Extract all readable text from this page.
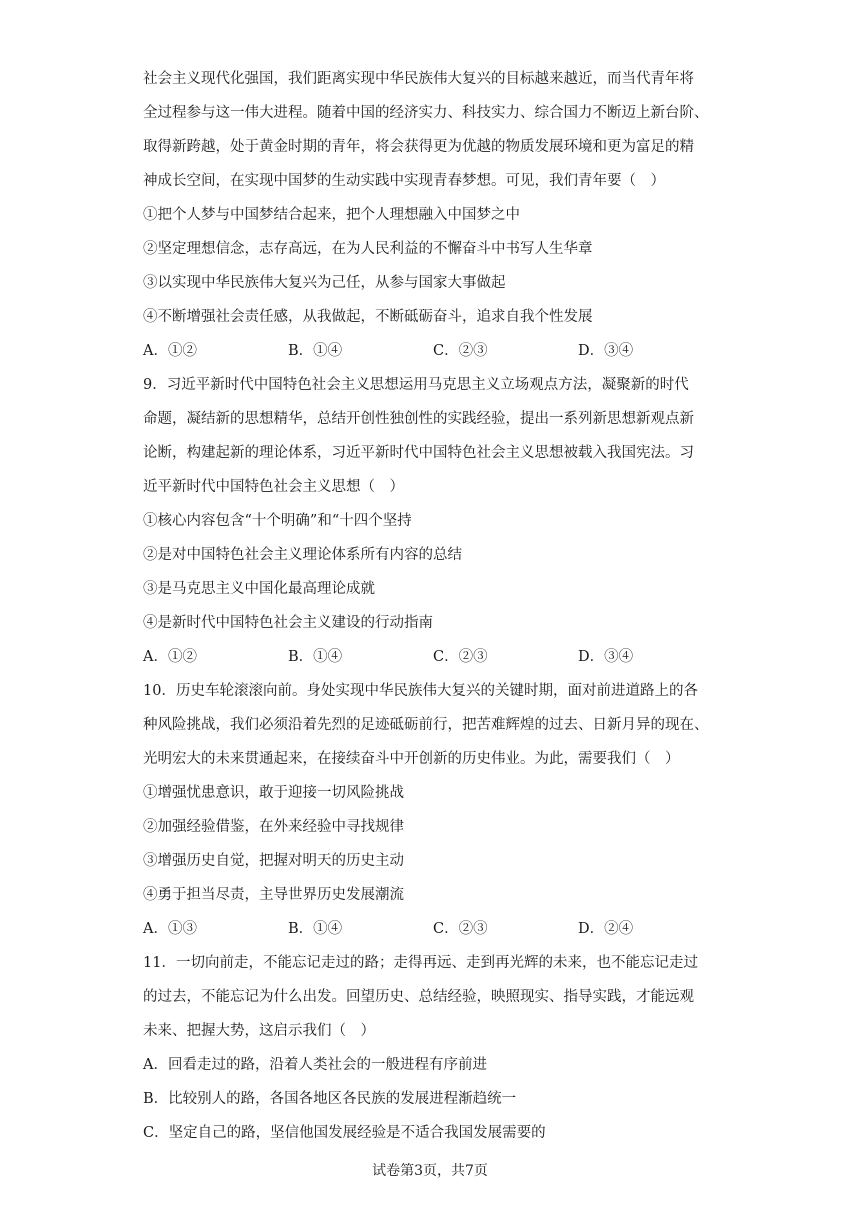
社会主义现代化强国，我们距离实现中华民族伟大复兴的目标越来越近，而当代青年将
全过程参与这一伟大进程。随着中国的经济实力、科技实力、综合国力不断迈上新台阶、
取得新跨越，处于黄金时期的青年，将会获得更为优越的物质发展环境和更为富足的精
神成长空间，在实现中国梦的生动实践中实现青春梦想。可见，我们青年要（　）
①把个人梦与中国梦结合起来，把个人理想融入中国梦之中
②坚定理想信念，志存高远，在为人民利益的不懈奋斗中书写人生华章
③以实现中华民族伟大复兴为己任，从参与国家大事做起
④不断增强社会责任感，从我做起，不断砥砺奋斗，追求自我个性发展
A．①②	B．①④	C．②③	D．③④
9．习近平新时代中国特色社会主义思想运用马克思主义立场观点方法，凝聚新的时代
命题，凝结新的思想精华，总结开创性独创性的实践经验，提出一系列新思想新观点新
论断，构建起新的理论体系，习近平新时代中国特色社会主义思想被载入我国宪法。习
近平新时代中国特色社会主义思想（　）
①核心内容包含“十个明确”和“十四个坚持
②是对中国特色社会主义理论体系所有内容的总结
③是马克思主义中国化最高理论成就
④是新时代中国特色社会主义建设的行动指南
A．①②	B．①④	C．②③	D．③④
10．历史车轮滚滚向前。身处实现中华民族伟大复兴的关键时期，面对前进道路上的各
种风险挑战，我们必须沿着先烈的足迹砥砺前行，把苦难辉煌的过去、日新月异的现在、
光明宏大的未来贯通起来，在接续奋斗中开创新的历史伟业。为此，需要我们（　）
①增强忧患意识，敢于迎接一切风险挑战
②加强经验借鉴，在外来经验中寻找规律
③增强历史自觉，把握对明天的历史主动
④勇于担当尽责，主导世界历史发展潮流
A．①③	B．①④	C．②③	D．②④
11．一切向前走，不能忘记走过的路；走得再远、走到再光辉的未来，也不能忘记走过
的过去，不能忘记为什么出发。回望历史、总结经验，映照现实、指导实践，才能远观
未来、把握大势，这启示我们（　）
A．回看走过的路，沿着人类社会的一般进程有序前进
B．比较别人的路，各国各地区各民族的发展进程渐趋统一
C．坚定自己的路，坚信他国发展经验是不适合我国发展需要的
试卷第3页，共7页
